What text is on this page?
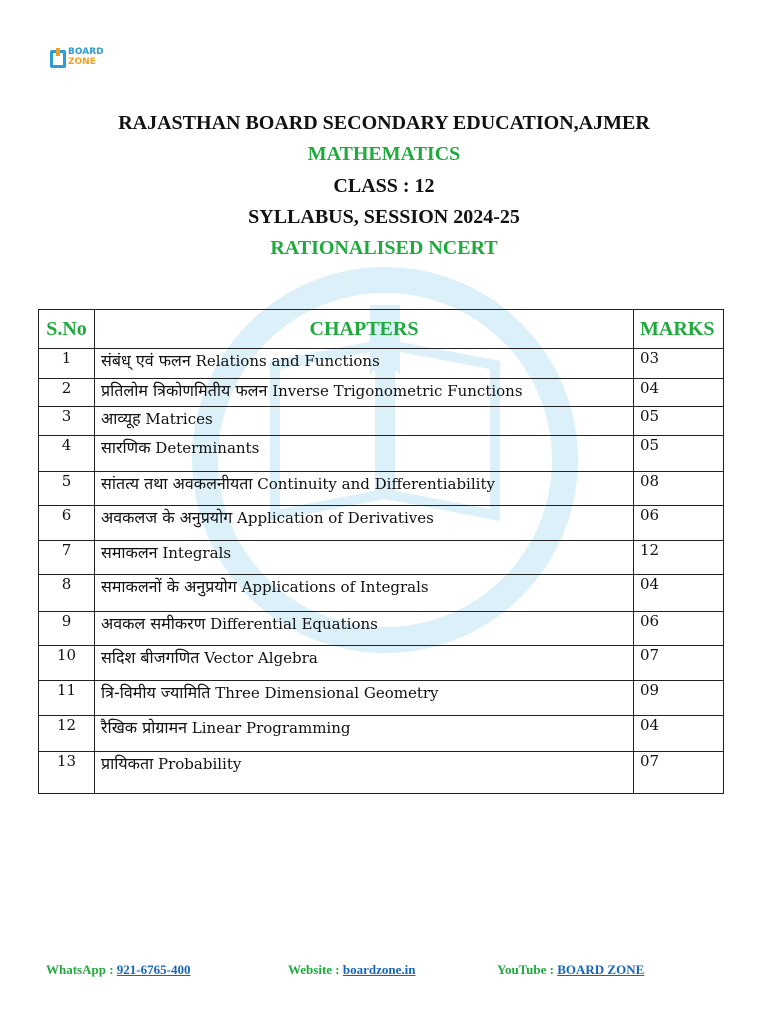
BOARD
ZONE
RAJASTHAN BOARD SECONDARY EDUCATION,AJMER
MATHEMATICS
CLASS : 12
SYLLABUS, SESSION 2024-25
RATIONALISED NCERT
S.No	CHAPTERS	MARKS
1	संबंध् एवं फलन Relations and Functions	03
2	प्रतिलोम त्रिकोणमितीय फलन Inverse Trigonometric Functions	04
3	आव्यूह Matrices	05
4	सारणिक Determinants	05
5	सांतत्य तथा अवकलनीयता Continuity and Differentiability	08
6	अवकलज के अनुप्रयोग Application of Derivatives	06
7	समाकलन Integrals	12
8	समाकलनों के अनुप्रयोग Applications of Integrals	04
9	अवकल समीकरण Differential Equations	06
10	सदिश बीजगणित Vector Algebra	07
11	त्रि-विमीय ज्यामिति Three Dimensional Geometry	09
12	रैखिक प्रोग्रामन Linear Programming	04
13	प्रायिकता Probability	07
WhatsApp : 921-6765-400	Website : boardzone.in	YouTube : BOARD ZONE
